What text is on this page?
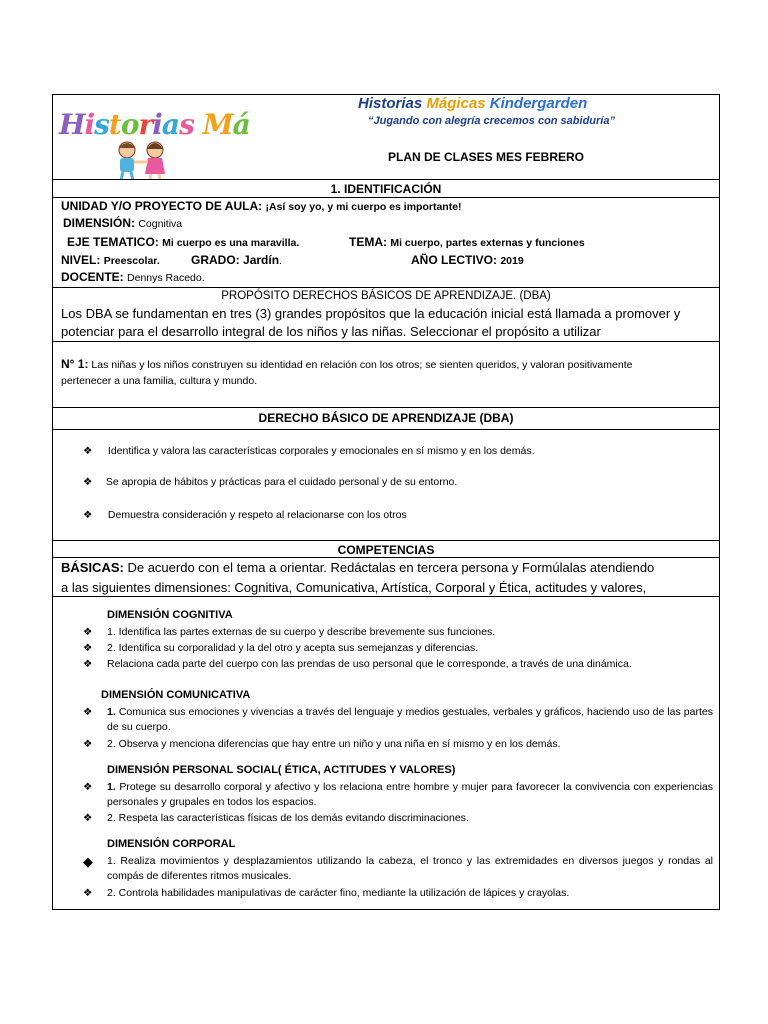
Historias Má
Historias Mágicas Kindergarden
“Jugando con alegría crecemos con sabiduría”
PLAN DE CLASES MES FEBRERO
1. IDENTIFICACIÓN
UNIDAD Y/O PROYECTO DE AULA: ¡Así soy yo, y mi cuerpo es importante!
DIMENSIÓN: Cognitiva
EJE TEMATICO: Mi cuerpo es una maravilla.	TEMA: Mi cuerpo, partes externas y funciones
NIVEL: Preescolar.	GRADO: Jardín.	AÑO LECTIVO: 2019
DOCENTE: Dennys Racedo.
PROPÓSITO DERECHOS BÁSICOS DE APRENDIZAJE. (DBA)
Los DBA se fundamentan en tres (3) grandes propósitos que la educación inicial está llamada a promover y
potenciar para el desarrollo integral de los niños y las niñas. Seleccionar el propósito a utilizar
N° 1: Las niñas y los niños construyen su identidad en relación con los otros; se sienten queridos, y valoran positivamente
pertenecer a una familia, cultura y mundo.
DERECHO BÁSICO DE APRENDIZAJE (DBA)
❖ Identifica y valora las características corporales y emocionales en sí mismo y en los demás.
❖ Se apropia de hábitos y prácticas para el cuidado personal y de su entorno.
❖ Demuestra consideración y respeto al relacionarse con los otros
COMPETENCIAS
BÁSICAS: De acuerdo con el tema a orientar. Redáctalas en tercera persona y Formúlalas atendiendo
a las siguientes dimensiones: Cognitiva, Comunicativa, Artística, Corporal y Ética, actitudes y valores,
DIMENSIÓN COGNITIVA
❖ 1. Identifica las partes externas de su cuerpo y describe brevemente sus funciones.
❖ 2. Identifica su corporalidad y la del otro y acepta sus semejanzas y diferencias.
❖ Relaciona cada parte del cuerpo con las prendas de uso personal que le corresponde, a través de una dinámica.
DIMENSIÓN COMUNICATIVA
❖ 1. Comunica sus emociones y vivencias a través del lenguaje y medios gestuales, verbales y gráficos, haciendo uso de las partes de su cuerpo.
❖ 2. Observa y menciona diferencias que hay entre un niño y una niña en sí mismo y en los demás.
DIMENSIÓN PERSONAL SOCIAL( ÉTICA, ACTITUDES Y VALORES)
❖ 1. Protege su desarrollo corporal y afectivo y los relaciona entre hombre y mujer para favorecer la convivencia con experiencias personales y grupales en todos los espacios.
❖ 2. Respeta las características físicas de los demás evitando discriminaciones.
DIMENSIÓN CORPORAL
◆ 1. Realiza movimientos y desplazamientos utilizando la cabeza, el tronco y las extremidades en diversos juegos y rondas al compás de diferentes ritmos musicales.
❖ 2. Controla habilidades manipulativas de carácter fino, mediante la utilización de lápices y crayolas.
